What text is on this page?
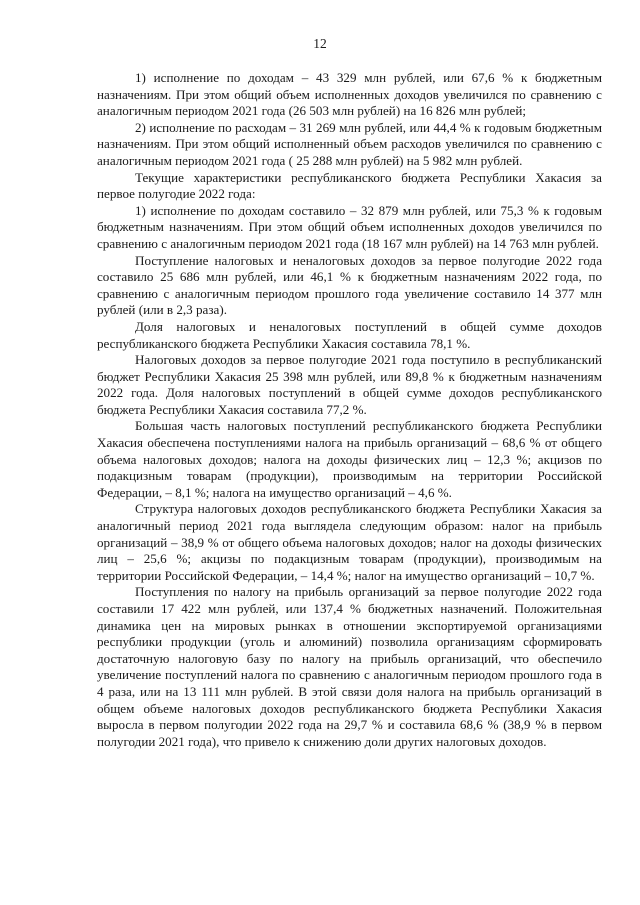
12

1) исполнение по доходам – 43 329 млн рублей, или 67,6 % к бюджетным назначениям. При этом общий объем исполненных доходов увеличился по сравнению с аналогичным периодом 2021 года (26 503 млн рублей) на 16 826 млн рублей;

2) исполнение по расходам – 31 269 млн рублей, или 44,4 % к годовым бюджетным назначениям. При этом общий исполненный объем расходов увеличился по сравнению с аналогичным периодом 2021 года ( 25 288 млн рублей) на 5 982 млн рублей.

Текущие характеристики республиканского бюджета Республики Хакасия за первое полугодие 2022 года:

1) исполнение по доходам составило – 32 879 млн рублей, или 75,3 % к годовым бюджетным назначениям. При этом общий объем исполненных доходов увеличился по сравнению с аналогичным периодом 2021 года (18 167 млн рублей) на 14 763 млн рублей.

Поступление налоговых и неналоговых доходов за первое полугодие 2022 года составило 25 686 млн рублей, или 46,1 % к бюджетным назначениям 2022 года, по сравнению с аналогичным периодом прошлого года увеличение составило 14 377 млн рублей (или в 2,3 раза).

Доля налоговых и неналоговых поступлений в общей сумме доходов республиканского бюджета Республики Хакасия составила 78,1 %.

Налоговых доходов за первое полугодие 2021 года поступило в республиканский бюджет Республики Хакасия 25 398 млн рублей, или 89,8 % к бюджетным назначениям 2022 года. Доля налоговых поступлений в общей сумме доходов республиканского бюджета Республики Хакасия составила 77,2 %.

Большая часть налоговых поступлений республиканского бюджета Республики Хакасия обеспечена поступлениями налога на прибыль организаций – 68,6 % от общего объема налоговых доходов; налога на доходы физических лиц – 12,3 %; акцизов по подакцизным товарам (продукции), производимым на территории Российской Федерации, – 8,1 %; налога на имущество организаций – 4,6 %.

Структура налоговых доходов республиканского бюджета Республики Хакасия за аналогичный период 2021 года выглядела следующим образом: налог на прибыль организаций – 38,9 % от общего объема налоговых доходов; налог на доходы физических лиц – 25,6 %; акцизы по подакцизным товарам (продукции), производимым на территории Российской Федерации, – 14,4 %; налог на имущество организаций – 10,7 %.

Поступления по налогу на прибыль организаций за первое полугодие 2022 года составили 17 422 млн рублей, или 137,4 % бюджетных назначений. Положительная динамика цен на мировых рынках в отношении экспортируемой организациями республики продукции (уголь и алюминий) позволила организациям сформировать достаточную налоговую базу по налогу на прибыль организаций, что обеспечило увеличение поступлений налога по сравнению с аналогичным периодом прошлого года в 4 раза, или на 13 111 млн рублей. В этой связи доля налога на прибыль организаций в общем объеме налоговых доходов республиканского бюджета Республики Хакасия выросла в первом полугодии 2022 года на 29,7 % и составила 68,6 % (38,9 % в первом полугодии 2021 года), что привело к снижению доли других налоговых доходов.
